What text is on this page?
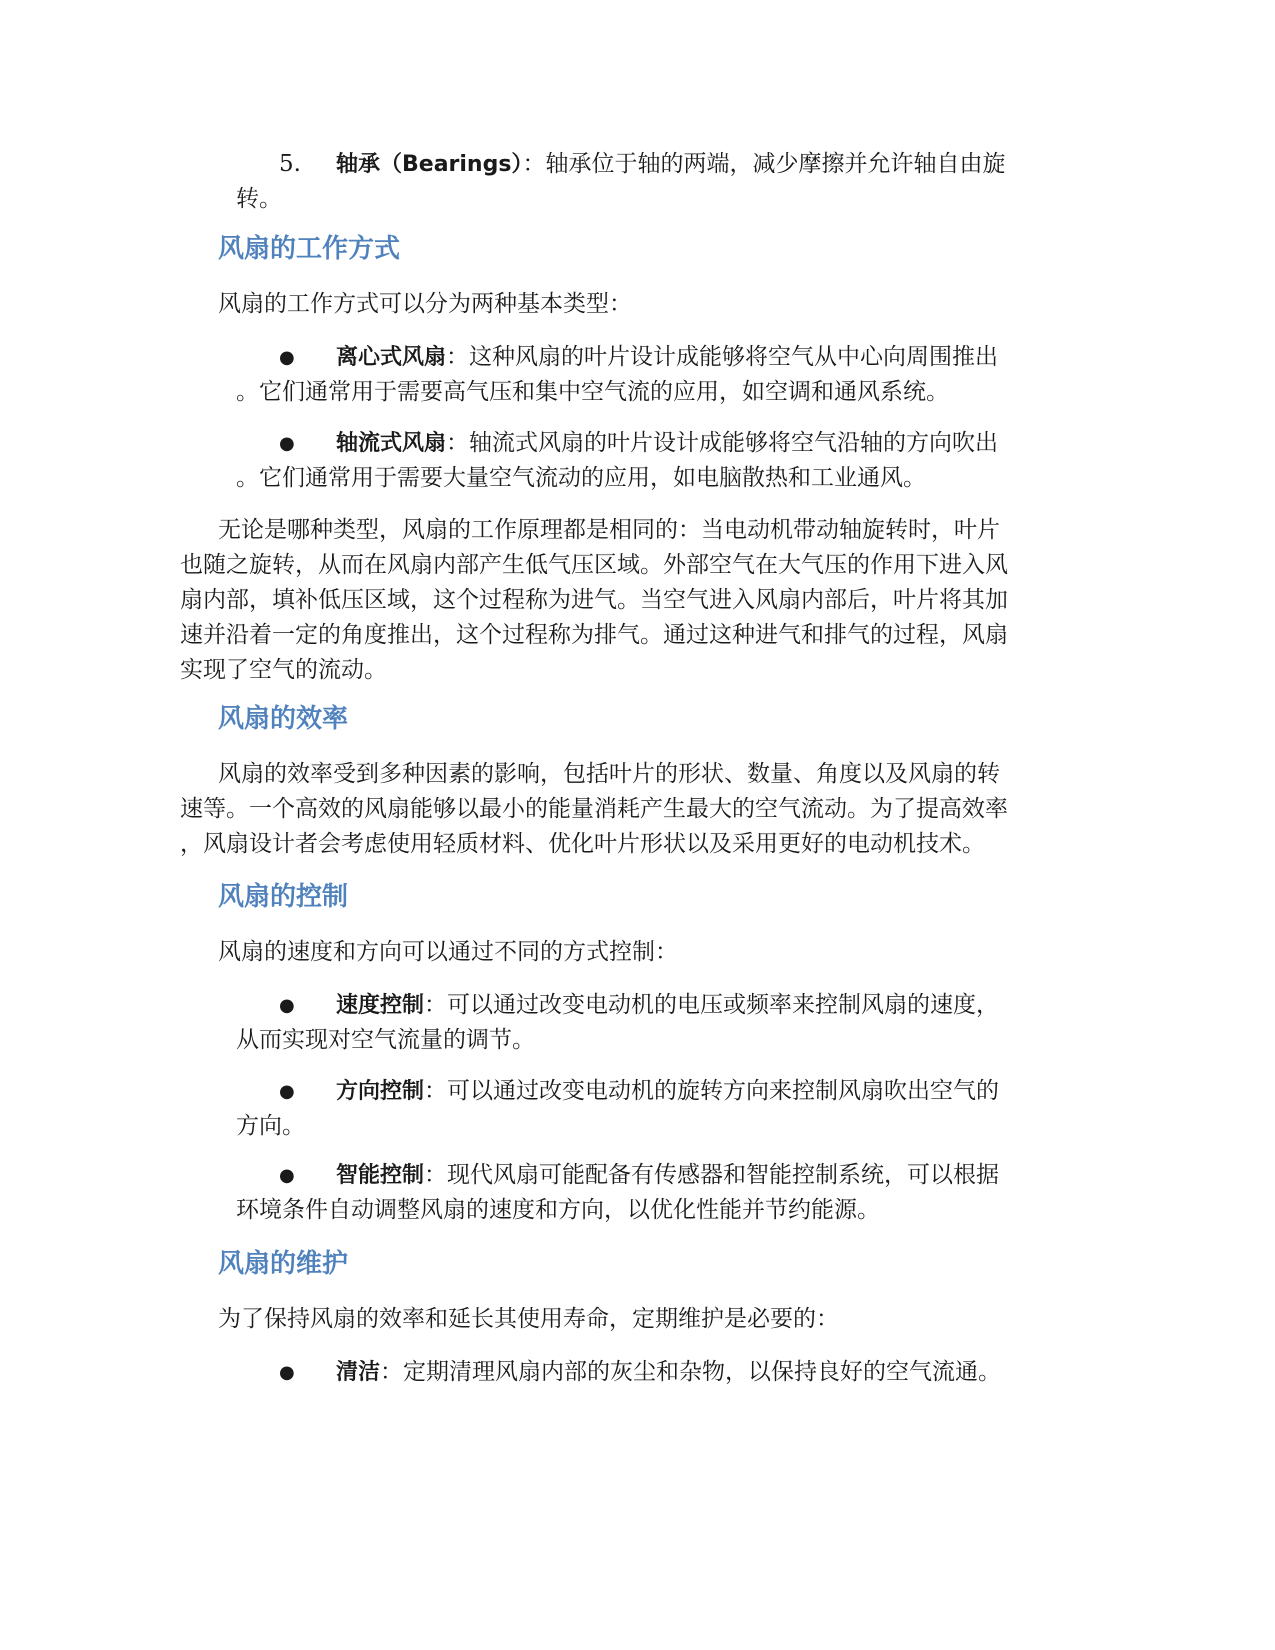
5. 轴承（Bearings）：轴承位于轴的两端，减少摩擦并允许轴自由旋
转。
风扇的工作方式
风扇的工作方式可以分为两种基本类型：
● 离心式风扇：这种风扇的叶片设计成能够将空气从中心向周围推出
。它们通常用于需要高气压和集中空气流的应用，如空调和通风系统。
● 轴流式风扇：轴流式风扇的叶片设计成能够将空气沿轴的方向吹出
。它们通常用于需要大量空气流动的应用，如电脑散热和工业通风。
无论是哪种类型，风扇的工作原理都是相同的：当电动机带动轴旋转时，叶片
也随之旋转，从而在风扇内部产生低气压区域。外部空气在大气压的作用下进入风
扇内部，填补低压区域，这个过程称为进气。当空气进入风扇内部后，叶片将其加
速并沿着一定的角度推出，这个过程称为排气。通过这种进气和排气的过程，风扇
实现了空气的流动。
风扇的效率
风扇的效率受到多种因素的影响，包括叶片的形状、数量、角度以及风扇的转
速等。一个高效的风扇能够以最小的能量消耗产生最大的空气流动。为了提高效率
，风扇设计者会考虑使用轻质材料、优化叶片形状以及采用更好的电动机技术。
风扇的控制
风扇的速度和方向可以通过不同的方式控制：
● 速度控制：可以通过改变电动机的电压或频率来控制风扇的速度，
从而实现对空气流量的调节。
● 方向控制：可以通过改变电动机的旋转方向来控制风扇吹出空气的
方向。
● 智能控制：现代风扇可能配备有传感器和智能控制系统，可以根据
环境条件自动调整风扇的速度和方向，以优化性能并节约能源。
风扇的维护
为了保持风扇的效率和延长其使用寿命，定期维护是必要的：
● 清洁：定期清理风扇内部的灰尘和杂物，以保持良好的空气流通。
